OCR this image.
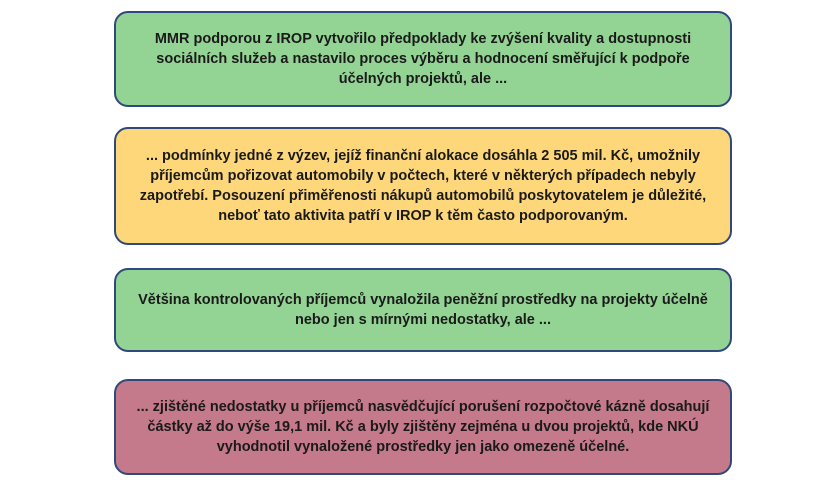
MMR podporou z IROP vytvořilo předpoklady ke zvýšení kvality a dostupnosti sociálních služeb a nastavilo proces výběru a hodnocení směřující k podpoře účelných projektů, ale ...
... podmínky jedné z výzev, jejíž finanční alokace dosáhla 2 505 mil. Kč, umožnily příjemcům pořizovat automobily v počtech, které v některých případech nebyly zapotřebí. Posouzení přiměřenosti nákupů automobilů poskytovatelem je důležité, neboť tato aktivita patří v IROP k těm často podporovaným.
Většina kontrolovaných příjemců vynaložila peněžní prostředky na projekty účelně nebo jen s mírnými nedostatky, ale ...
... zjištěné nedostatky u příjemců nasvědčující porušení rozpočtové kázně dosahují částky až do výše 19,1 mil. Kč a byly zjištěny zejména u dvou projektů, kde NKÚ vyhodnotil vynaložené prostředky jen jako omezeně účelné.
